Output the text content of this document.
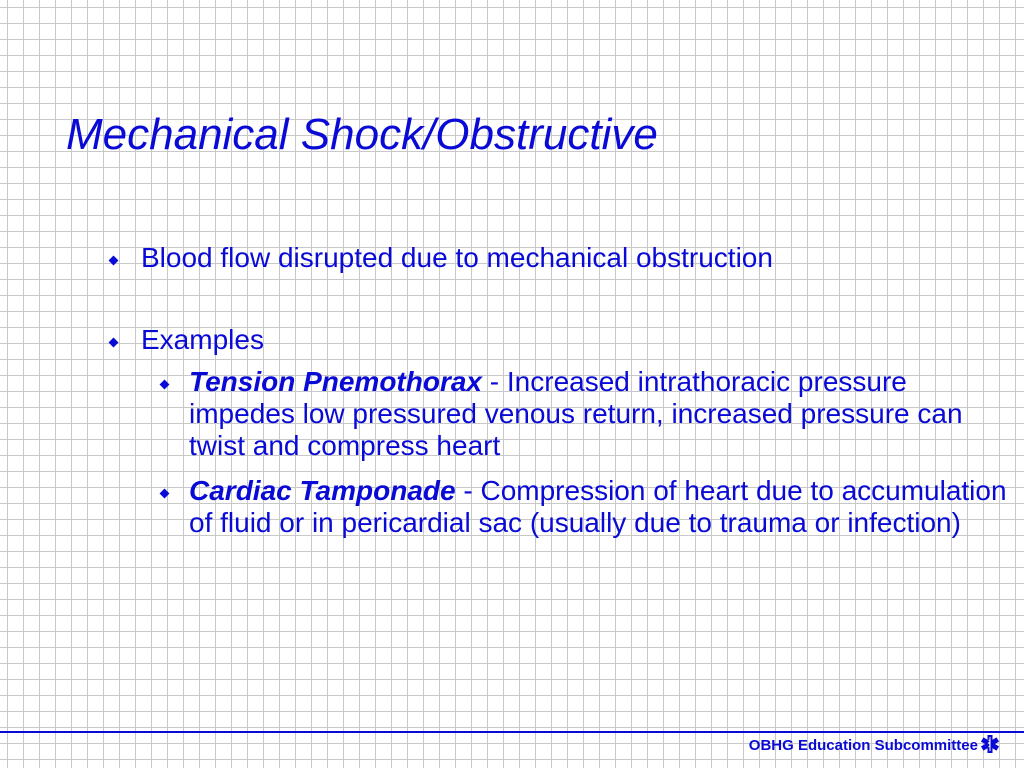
Mechanical Shock/Obstructive
Blood flow disrupted due to mechanical obstruction
Examples
Tension Pnemothorax - Increased intrathoracic pressure impedes low pressured venous return, increased pressure can twist and compress heart
Cardiac Tamponade - Compression of heart due to accumulation of fluid or in pericardial sac (usually due to trauma or infection)
OBHG Education Subcommittee
